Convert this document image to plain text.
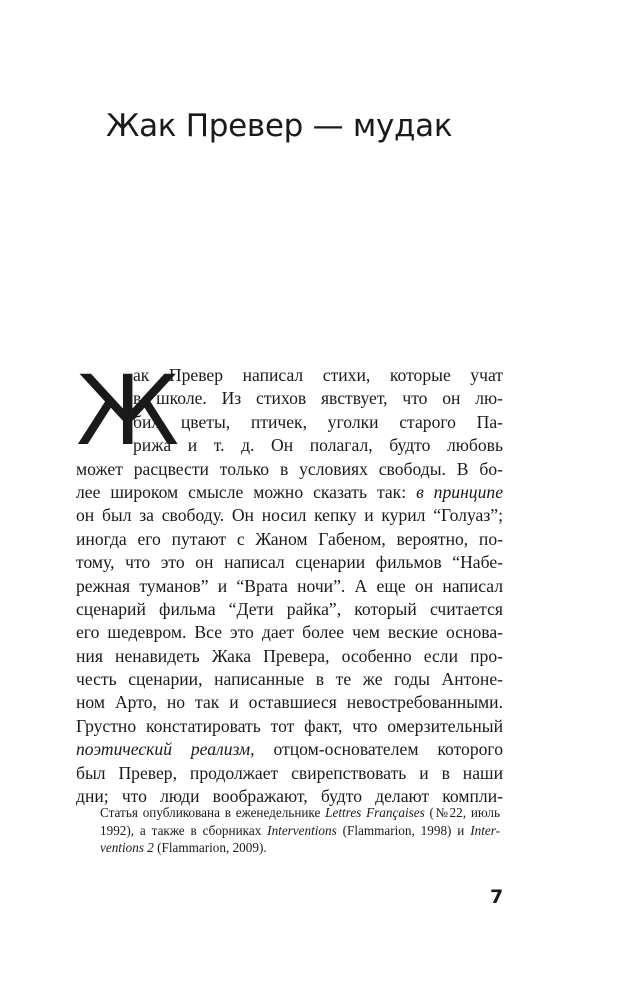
Жак Превер — мудак
Ж
ак Превер написал стихи, которые учат
в школе. Из стихов явствует, что он лю-
бил цветы, птичек, уголки старого Па-
рижа и т. д. Он полагал, будто любовь
может расцвести только в условиях свободы. В бо-
лее широком смысле можно сказать так: в принципе
он был за свободу. Он носил кепку и курил “Голуаз”;
иногда его путают с Жаном Габеном, вероятно, по-
тому, что это он написал сценарии фильмов “Набе-
режная туманов” и “Врата ночи”. А еще он написал
сценарий фильма “Дети райка”, который считается
его шедевром. Все это дает более чем веские основа-
ния ненавидеть Жака Превера, особенно если про-
честь сценарии, написанные в те же годы Антоне-
ном Арто, но так и оставшиеся невостребованными.
Грустно констатировать тот факт, что омерзительный
поэтический реализм, отцом-основателем которого
был Превер, продолжает свирепствовать и в наши
дни; что люди воображают, будто делают компли-
Статья опубликована в еженедельнике Lettres Françaises (№22, июль
1992), а также в сборниках Interventions (Flammarion, 1998) и Inter-
ventions 2 (Flammarion, 2009).
7
